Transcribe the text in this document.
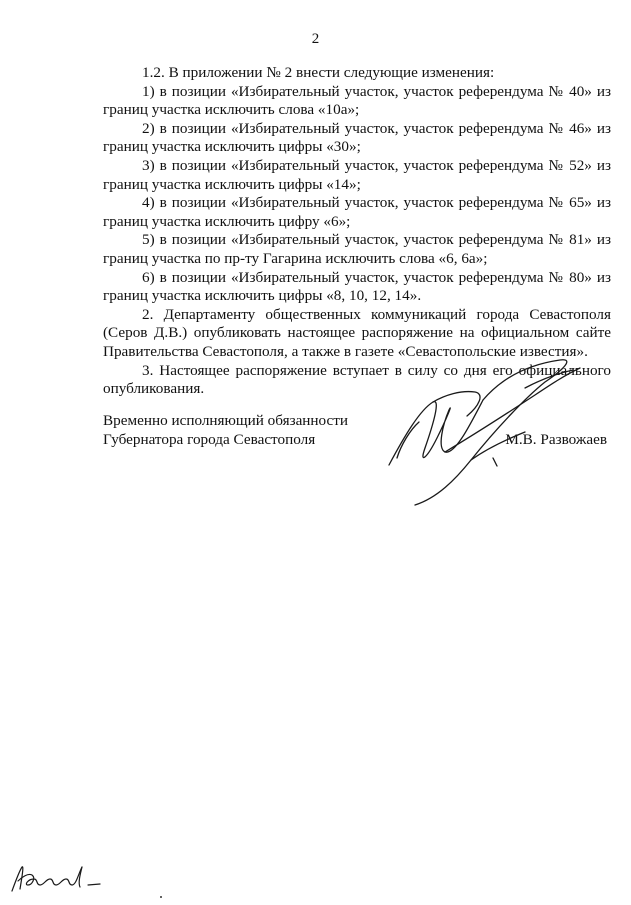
2

1.2. В приложении № 2 внести следующие изменения:

1) в позиции «Избирательный участок, участок референдума № 40» из границ участка исключить слова «10а»;

2) в позиции «Избирательный участок, участок референдума № 46» из границ участка исключить цифры «30»;

3) в позиции «Избирательный участок, участок референдума № 52» из границ участка исключить цифры «14»;

4) в позиции «Избирательный участок, участок референдума № 65» из границ участка исключить цифру «6»;

5) в позиции «Избирательный участок, участок референдума № 81» из границ участка по пр-ту Гагарина исключить слова «6, 6а»;

6) в позиции «Избирательный участок, участок референдума № 80» из границ участка исключить цифры «8, 10, 12, 14».

2. Департаменту общественных коммуникаций города Севастополя (Серов Д.В.) опубликовать настоящее распоряжение на официальном сайте Правительства Севастополя, а также в газете «Севастопольские известия».

3. Настоящее распоряжение вступает в силу со дня его официального опубликования.

Временно исполняющий обязанности
Губернатора города Севастополя	М.В. Развожаев
